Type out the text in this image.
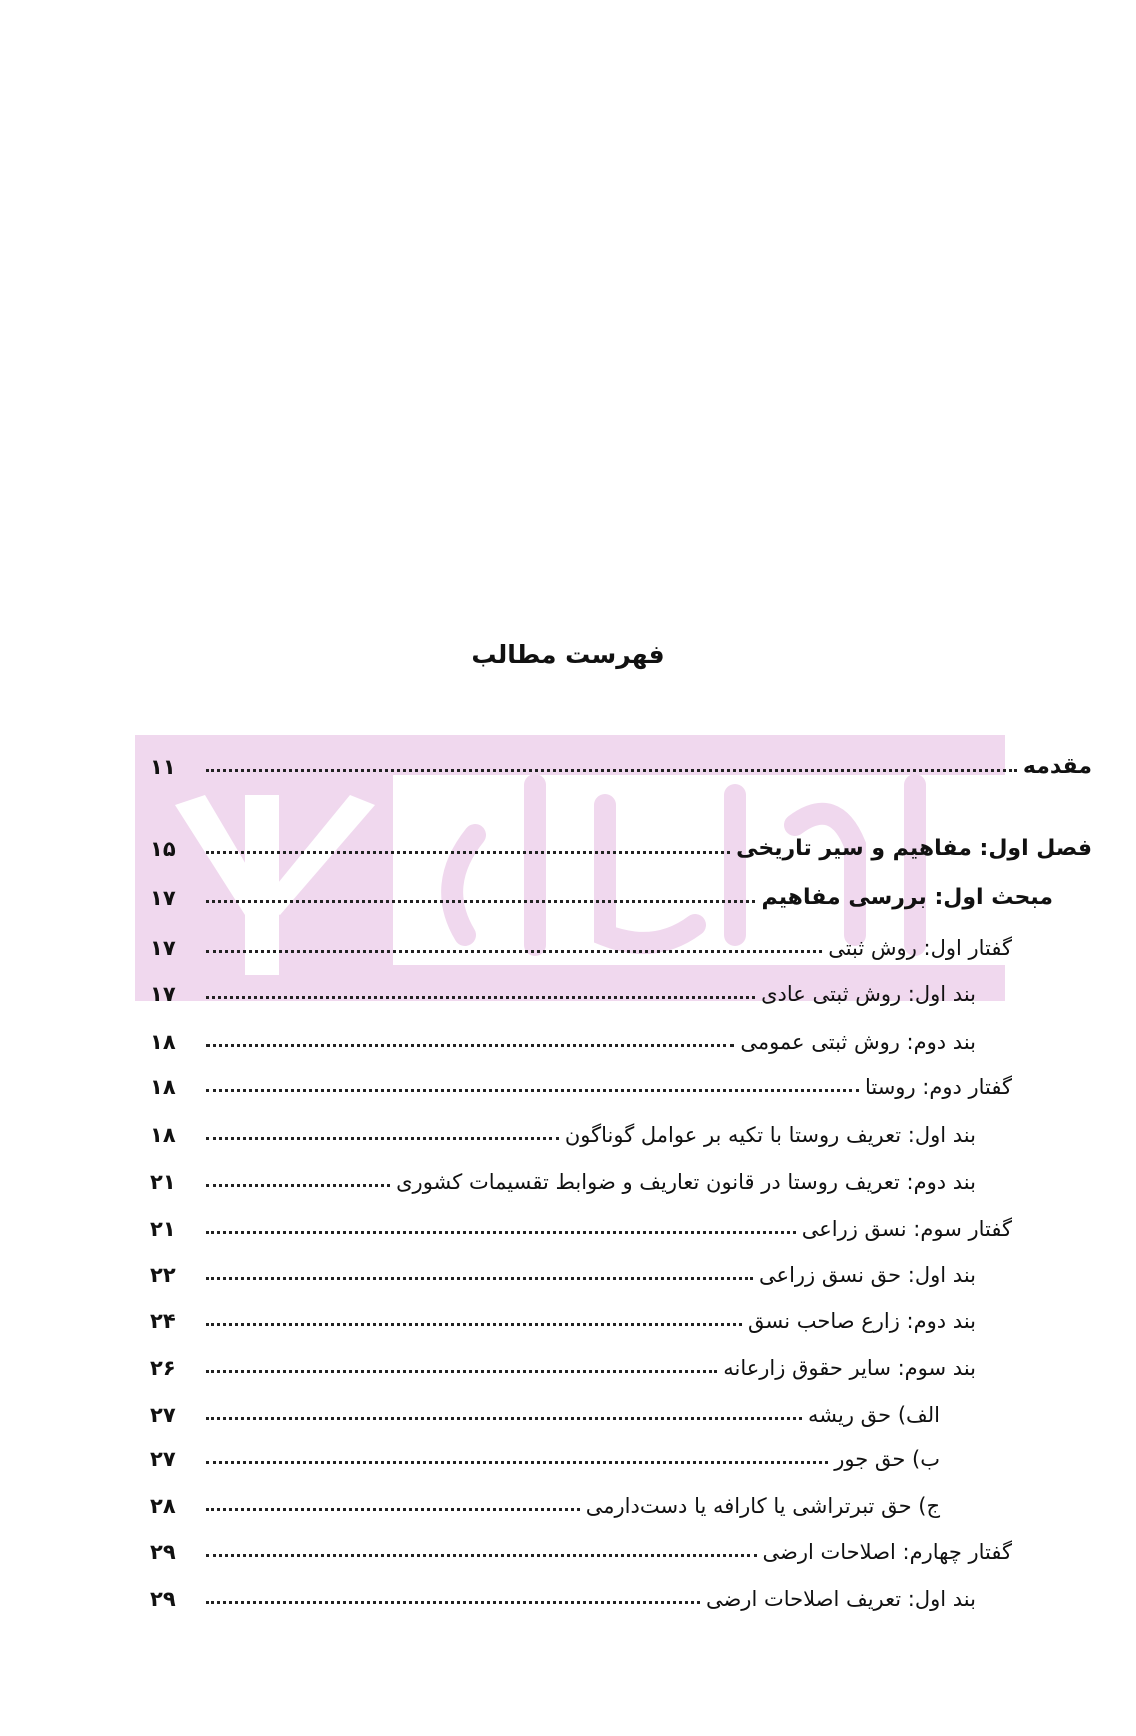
فهرست مطالب
مقدمه
۱۱
فصل اول: مفاهیم و سیر تاریخی
۱۵
مبحث اول: بررسی مفاهیم
۱۷
گفتار اول: روش ثبتی
۱۷
بند اول: روش ثبتی عادی
۱۷
بند دوم: روش ثبتی عمومی
۱۸
گفتار دوم: روستا
۱۸
بند اول: تعریف روستا با تکیه بر عوامل گوناگون
۱۸
بند دوم: تعریف روستا در قانون تعاریف و ضوابط تقسیمات کشوری
۲۱
گفتار سوم: نسق زراعی
۲۱
بند اول: حق نسق زراعی
۲۲
بند دوم: زارع صاحب نسق
۲۴
بند سوم: سایر حقوق زارعانه
۲۶
الف) حق ریشه
۲۷
ب) حق جور
۲۷
ج) حق تبرتراشی یا کارافه یا دست‌دارمی
۲۸
گفتار چهارم: اصلاحات ارضی
۲۹
بند اول: تعریف اصلاحات ارضی
۲۹
